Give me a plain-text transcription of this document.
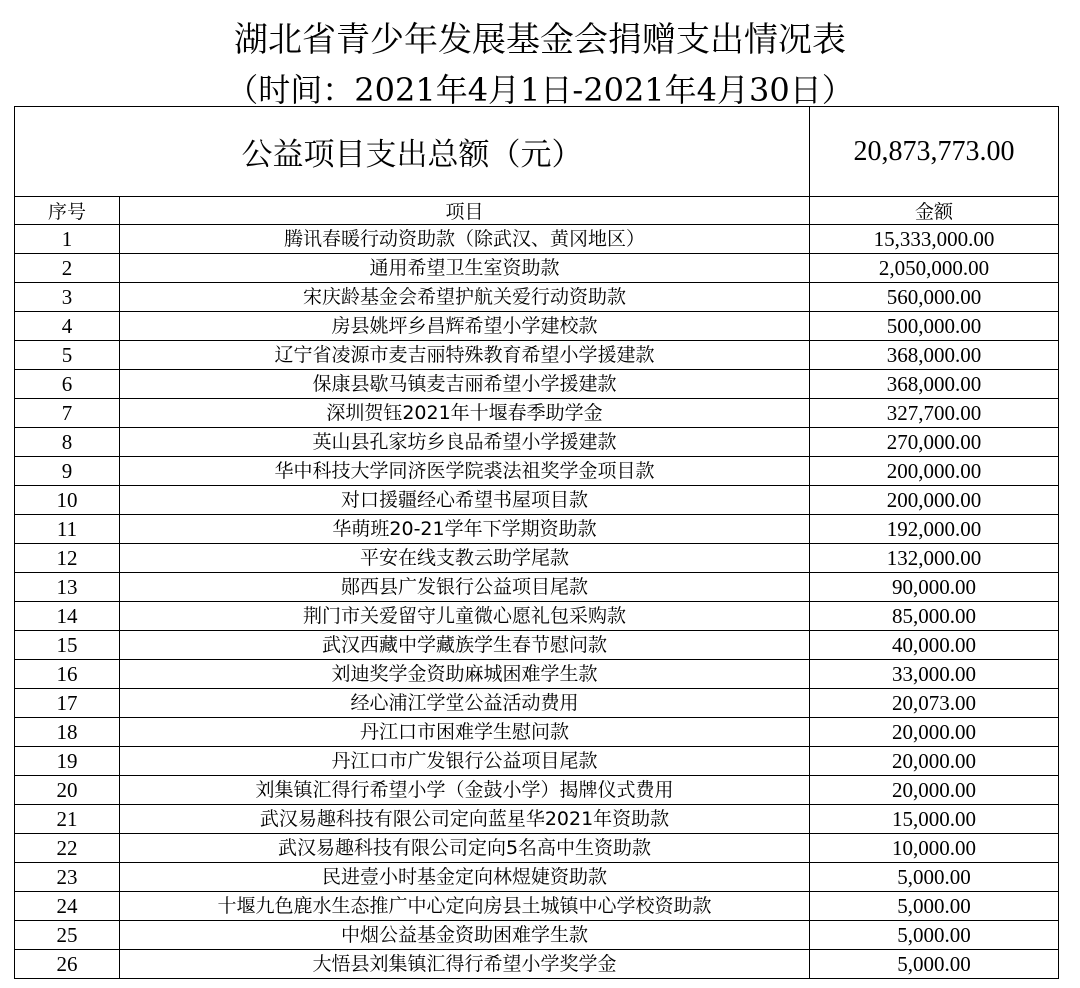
湖北省青少年发展基金会捐赠支出情况表
（时间：2021年4月1日-2021年4月30日）
公益项目支出总额（元）		20,873,773.00
序号	项目	金额
1	腾讯春暖行动资助款（除武汉、黄冈地区）	15,333,000.00
2	通用希望卫生室资助款	2,050,000.00
3	宋庆龄基金会希望护航关爱行动资助款	560,000.00
4	房县姚坪乡昌辉希望小学建校款	500,000.00
5	辽宁省凌源市麦吉丽特殊教育希望小学援建款	368,000.00
6	保康县歇马镇麦吉丽希望小学援建款	368,000.00
7	深圳贺钰2021年十堰春季助学金	327,700.00
8	英山县孔家坊乡良品希望小学援建款	270,000.00
9	华中科技大学同济医学院裘法祖奖学金项目款	200,000.00
10	对口援疆经心希望书屋项目款	200,000.00
11	华萌班20-21学年下学期资助款	192,000.00
12	平安在线支教云助学尾款	132,000.00
13	郧西县广发银行公益项目尾款	90,000.00
14	荆门市关爱留守儿童微心愿礼包采购款	85,000.00
15	武汉西藏中学藏族学生春节慰问款	40,000.00
16	刘迪奖学金资助麻城困难学生款	33,000.00
17	经心浦江学堂公益活动费用	20,073.00
18	丹江口市困难学生慰问款	20,000.00
19	丹江口市广发银行公益项目尾款	20,000.00
20	刘集镇汇得行希望小学（金鼓小学）揭牌仪式费用	20,000.00
21	武汉易趣科技有限公司定向蓝星华2021年资助款	15,000.00
22	武汉易趣科技有限公司定向5名高中生资助款	10,000.00
23	民进壹小时基金定向林煜婕资助款	5,000.00
24	十堰九色鹿水生态推广中心定向房县土城镇中心学校资助款	5,000.00
25	中烟公益基金资助困难学生款	5,000.00
26	大悟县刘集镇汇得行希望小学奖学金	5,000.00
